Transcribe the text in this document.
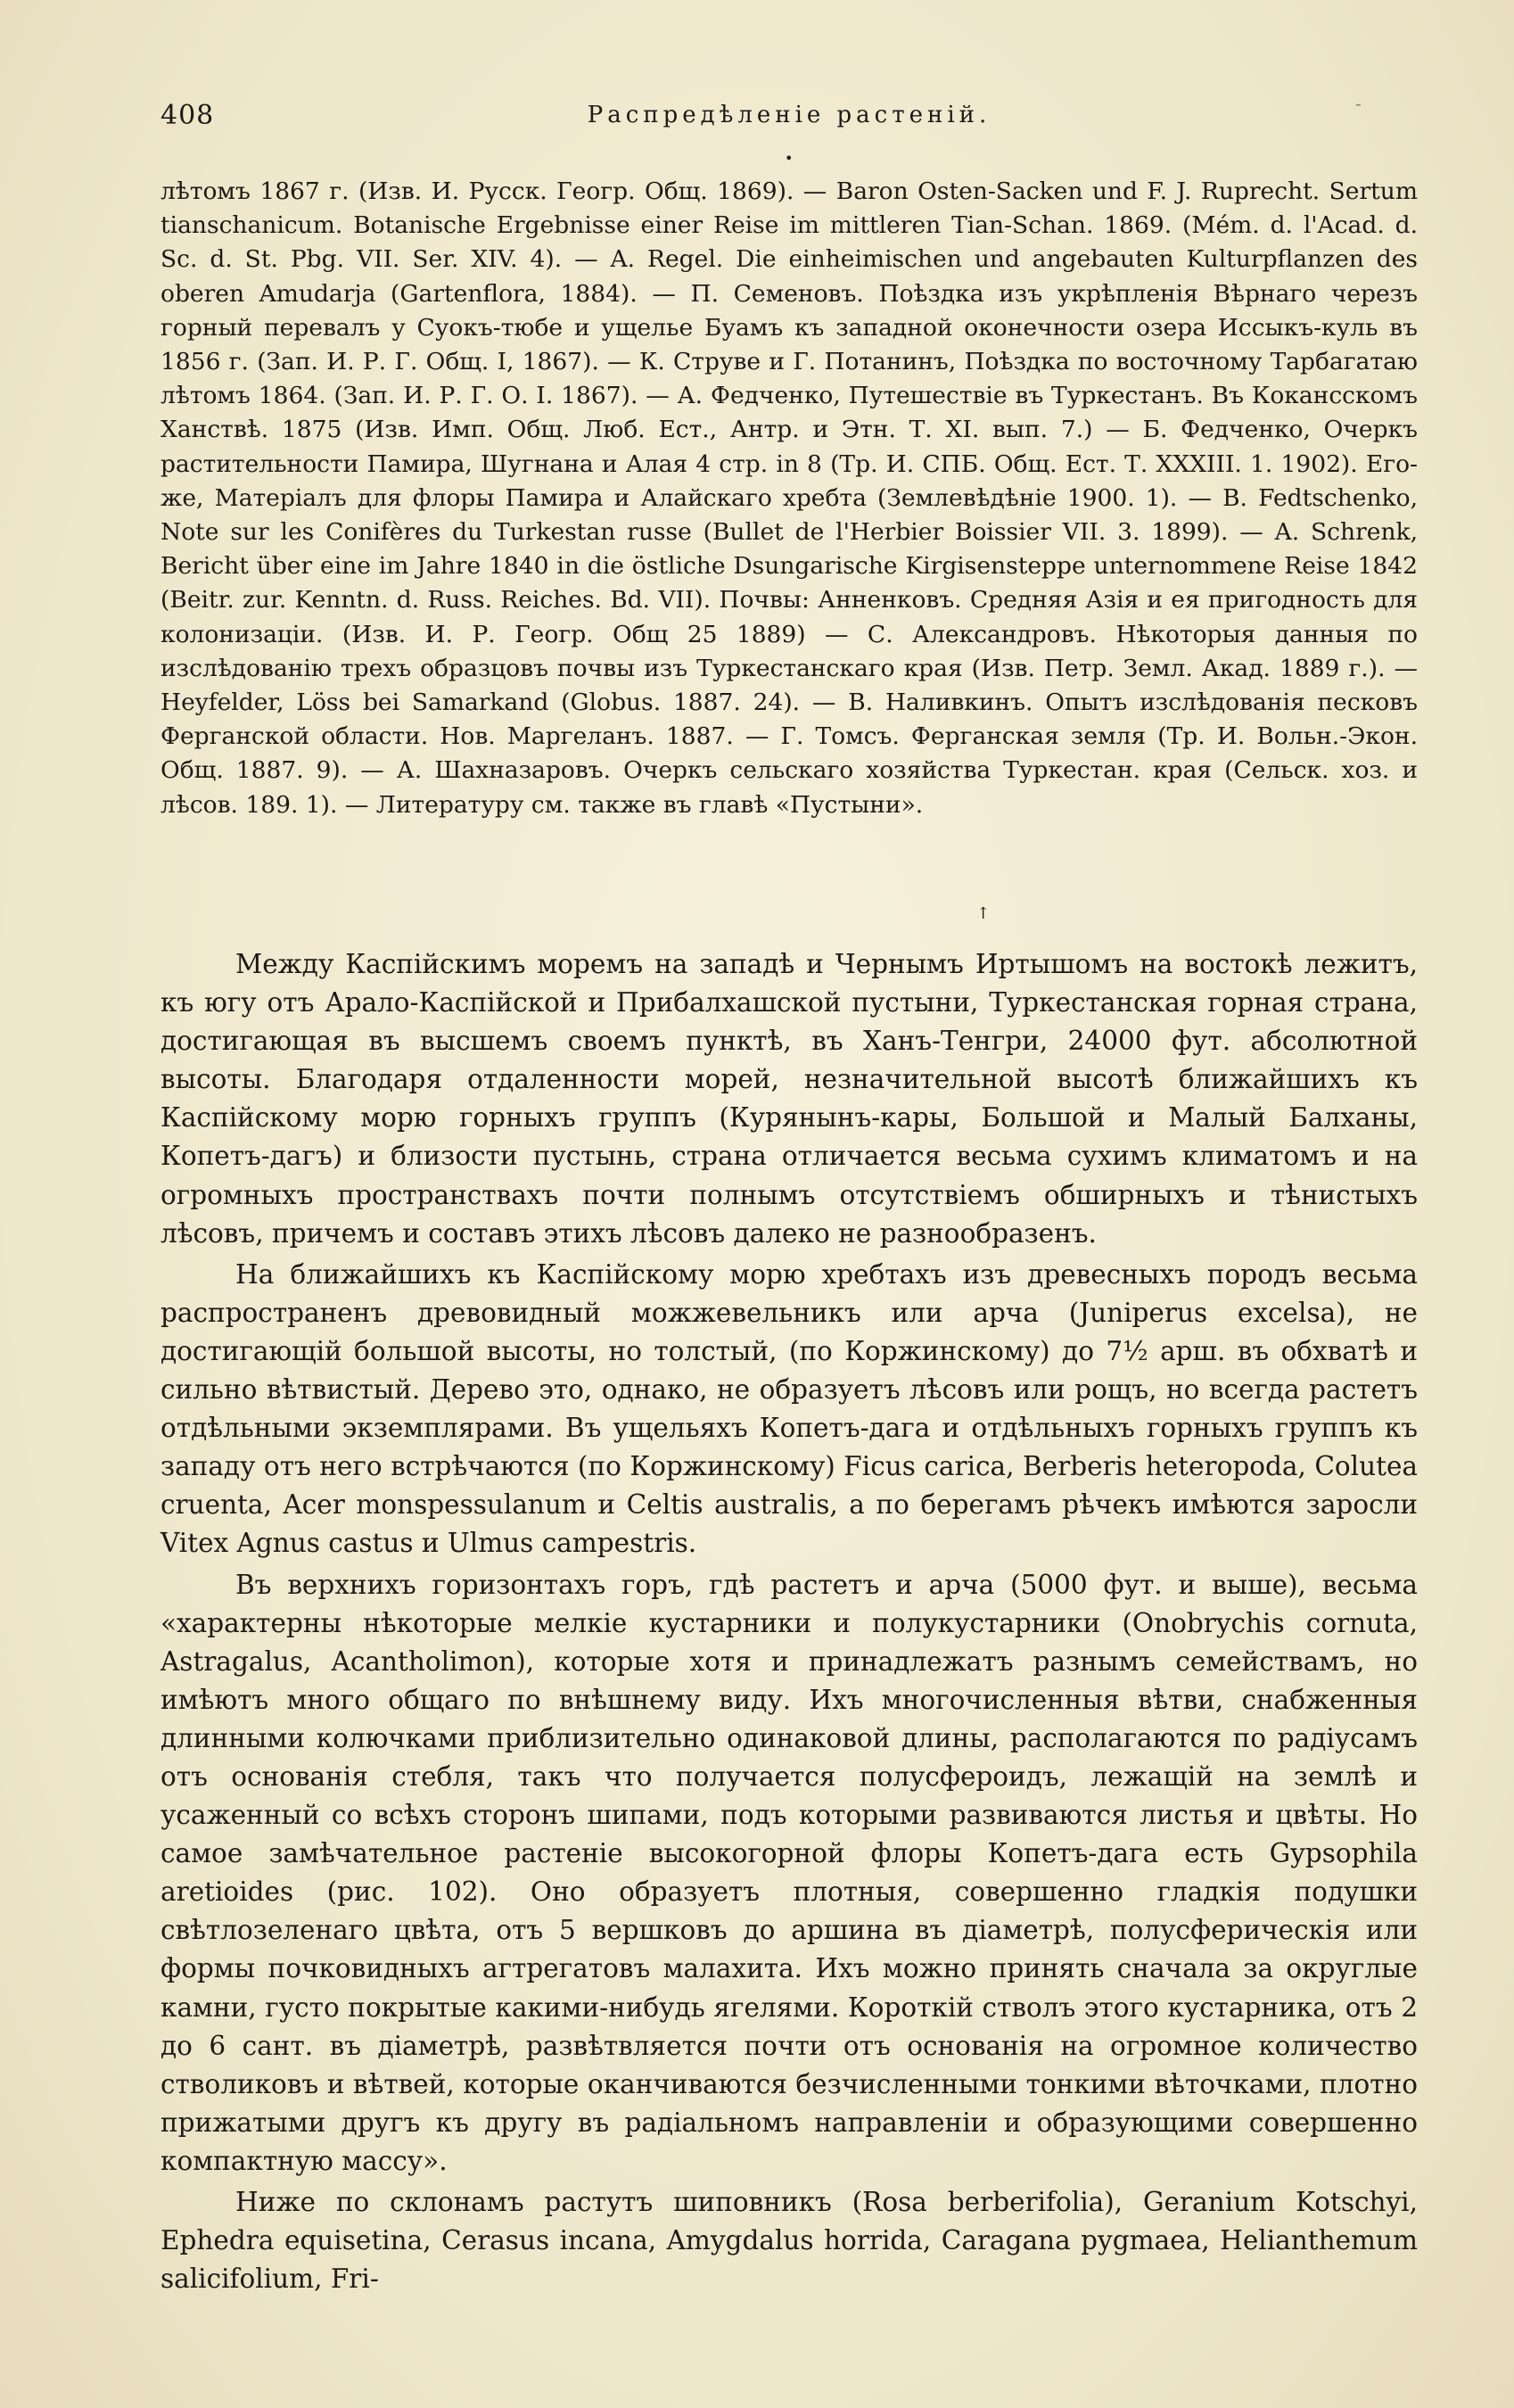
408	Распредѣленіе растеній.	-
•

лѣтомъ 1867 г. (Изв. И. Русск. Геогр. Общ. 1869). — Baron Osten-Sacken und F. J. Ruprecht. Sertum tianschanicum. Botanische Ergebnisse einer Reise im mittleren Tian-Schan. 1869. (Mém. d. l'Acad. d. Sc. d. St. Pbg. VII. Ser. XIV. 4). — A. Regel. Die einheimischen und angebauten Kulturpflanzen des oberen Amudarja (Gartenflora, 1884). — П. Семеновъ. Поѣздка изъ укрѣпленія Вѣрнаго черезъ горный перевалъ у Суокъ-тюбе и ущелье Буамъ къ западной оконечности озера Иссыкъ-куль въ 1856 г. (Зап. И. Р. Г. Общ. I, 1867). — К. Струве и Г. Потанинъ, Поѣздка по восточному Тарбагатаю лѣтомъ 1864. (Зап. И. Р. Г. О. I. 1867). — А. Федченко, Путешествіе въ Туркестанъ. Въ Кокансскомъ Ханствѣ. 1875 (Изв. Имп. Общ. Люб. Ест., Антр. и Этн. Т. XI. вып. 7.) — Б. Федченко, Очеркъ растительности Памира, Шугнана и Алая 4 стр. in 8 (Тр. И. СПБ. Общ. Ест. Т. XXXIII. 1. 1902). Его-же, Матеріалъ для флоры Памира и Алайскаго хребта (Землевѣдѣніе 1900. 1). — B. Fedtschenko, Note sur les Conifères du Turkestan russe (Bullet de l'Herbier Boissier VII. 3. 1899). — A. Schrenk, Bericht über eine im Jahre 1840 in die östliche Dsungarische Kirgisensteppe unternommene Reise 1842 (Beitr. zur. Kenntn. d. Russ. Reiches. Bd. VII). Почвы: Анненковъ. Средняя Азія и ея пригодность для колонизаціи. (Изв. И. Р. Геогр. Общ 25 1889) — С. Александровъ. Нѣкоторыя данныя по изслѣдованію трехъ образцовъ почвы изъ Туркестанскаго края (Изв. Петр. Земл. Акад. 1889 г.). — Heyfelder, Löss bei Samarkand (Globus. 1887. 24). — В. Наливкинъ. Опытъ изслѣдованія песковъ Ферганской области. Нов. Маргеланъ. 1887. — Г. Томсъ. Ферганская земля (Тр. И. Вольн.-Экон. Общ. 1887. 9). — А. Шахназаровъ. Очеркъ сельскаго хозяйства Туркестан. края (Сельск. хоз. и лѣсов. 189. 1). — Литературу см. также въ главѣ «Пустыни».

↑

Между Каспійскимъ моремъ на западѣ и Чернымъ Иртышомъ на востокѣ лежитъ, къ югу отъ Арало-Каспійской и Прибалхашской пустыни, Туркестанская горная страна, достигающая въ высшемъ своемъ пунктѣ, въ Ханъ-Тенгри, 24000 фут. абсолютной высоты. Благодаря отдаленности морей, незначительной высотѣ ближайшихъ къ Каспійскому морю горныхъ группъ (Курянынъ-кары, Большой и Малый Балханы, Копетъ-дагъ) и близости пустынь, страна отличается весьма сухимъ климатомъ и на огромныхъ пространствахъ почти полнымъ отсутствіемъ обширныхъ и тѣнистыхъ лѣсовъ, причемъ и составъ этихъ лѣсовъ далеко не разнообразенъ.

На ближайшихъ къ Каспійскому морю хребтахъ изъ древесныхъ породъ весьма распространенъ древовидный можжевельникъ или арча (Juniperus excelsa), не достигающій большой высоты, но толстый, (по Коржинскому) до 7½ арш. въ обхватѣ и сильно вѣтвистый. Дерево это, однако, не образуетъ лѣсовъ или рощъ, но всегда растетъ отдѣльными экземплярами. Въ ущельяхъ Копетъ-дага и отдѣльныхъ горныхъ группъ къ западу отъ него встрѣчаются (по Коржинскому) Ficus carica, Berberis heteropoda, Colutea cruenta, Acer monspessulanum и Celtis australis, а по берегамъ рѣчекъ имѣются заросли Vitex Agnus castus и Ulmus campestris.

Въ верхнихъ горизонтахъ горъ, гдѣ растетъ и арча (5000 фут. и выше), весьма «характерны нѣкоторые мелкіе кустарники и полукустарники (Onobrychis cornuta, Astragalus, Acantholimon), которые хотя и принадлежатъ разнымъ семействамъ, но имѣютъ много общаго по внѣшнему виду. Ихъ многочисленныя вѣтви, снабженныя длинными колючками приблизительно одинаковой длины, располагаются по радіусамъ отъ основанія стебля, такъ что получается полусфероидъ, лежащій на землѣ и усаженный со всѣхъ сторонъ шипами, подъ которыми развиваются листья и цвѣты. Но самое замѣчательное растеніе высокогорной флоры Копетъ-дага есть Gypsophila aretioides (рис. 102). Оно образуетъ плотныя, совершенно гладкія подушки свѣтлозеленаго цвѣта, отъ 5 вершковъ до аршина въ діаметрѣ, полусферическія или формы почковидныхъ агтрегатовъ малахита. Ихъ можно принять сначала за округлые камни, густо покрытые какими-нибудь ягелями. Короткій стволъ этого кустарника, отъ 2 до 6 сант. въ діаметрѣ, развѣтвляется почти отъ основанія на огромное количество стволиковъ и вѣтвей, которые оканчиваются безчисленными тонкими вѣточками, плотно прижатыми другъ къ другу въ радіальномъ направленіи и образующими совершенно компактную массу».

Ниже по склонамъ растутъ шиповникъ (Rosa berberifolia), Geranium Kotschyi, Ephedra equisetina, Cerasus incana, Amygdalus horrida, Caragana pygmaea, Helianthemum salicifolium, Fri-
